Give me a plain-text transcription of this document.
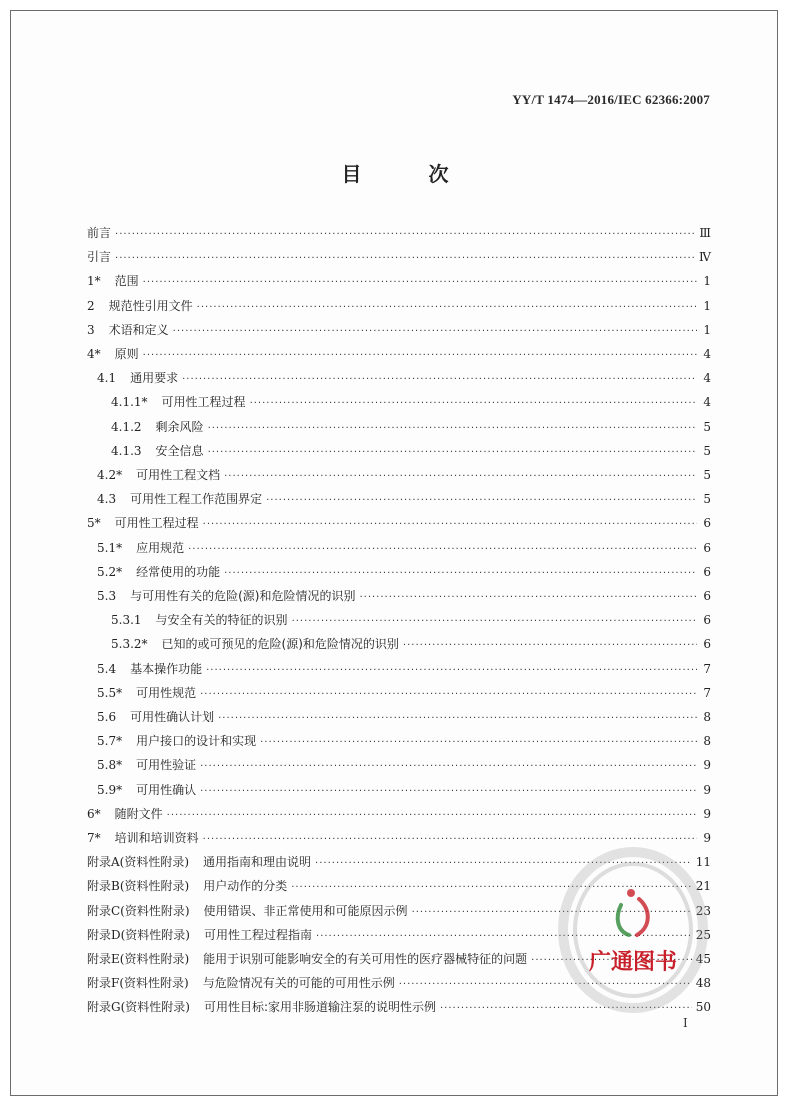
YY/T 1474—2016/IEC 62366:2007
目 次
前言 ·····	Ⅲ
引言 ·····	Ⅳ
1* 范围 ·····	1
2 规范性引用文件 ·····	1
3 术语和定义 ·····	1
4* 原则 ·····	4
4.1 通用要求 ·····	4
4.1.1* 可用性工程过程 ·····	4
4.1.2 剩余风险 ·····	5
4.1.3 安全信息 ·····	5
4.2* 可用性工程文档 ·····	5
4.3 可用性工程工作范围界定 ·····	5
5* 可用性工程过程 ·····	6
5.1* 应用规范 ·····	6
5.2* 经常使用的功能 ·····	6
5.3 与可用性有关的危险(源)和危险情况的识别 ·····	6
5.3.1 与安全有关的特征的识别 ·····	6
5.3.2* 已知的或可预见的危险(源)和危险情况的识别 ·····	6
5.4 基本操作功能 ·····	7
5.5* 可用性规范 ·····	7
5.6 可用性确认计划 ·····	8
5.7* 用户接口的设计和实现 ·····	8
5.8* 可用性验证 ·····	9
5.9* 可用性确认 ·····	9
6* 随附文件 ·····	9
7* 培训和培训资料 ·····	9
附录A(资料性附录) 通用指南和理由说明 ·····	11
附录B(资料性附录) 用户动作的分类 ·····	21
附录C(资料性附录) 使用错误、非正常使用和可能原因示例 ·····	23
附录D(资料性附录) 可用性工程过程指南 ·····	25
附录E(资料性附录) 能用于识别可能影响安全的有关可用性的医疗器械特征的问题 ·····	45
附录F(资料性附录) 与危险情况有关的可能的可用性示例 ·····	48
附录G(资料性附录) 可用性目标:家用非肠道输注泵的说明性示例 ·····	50
广通图书
I
